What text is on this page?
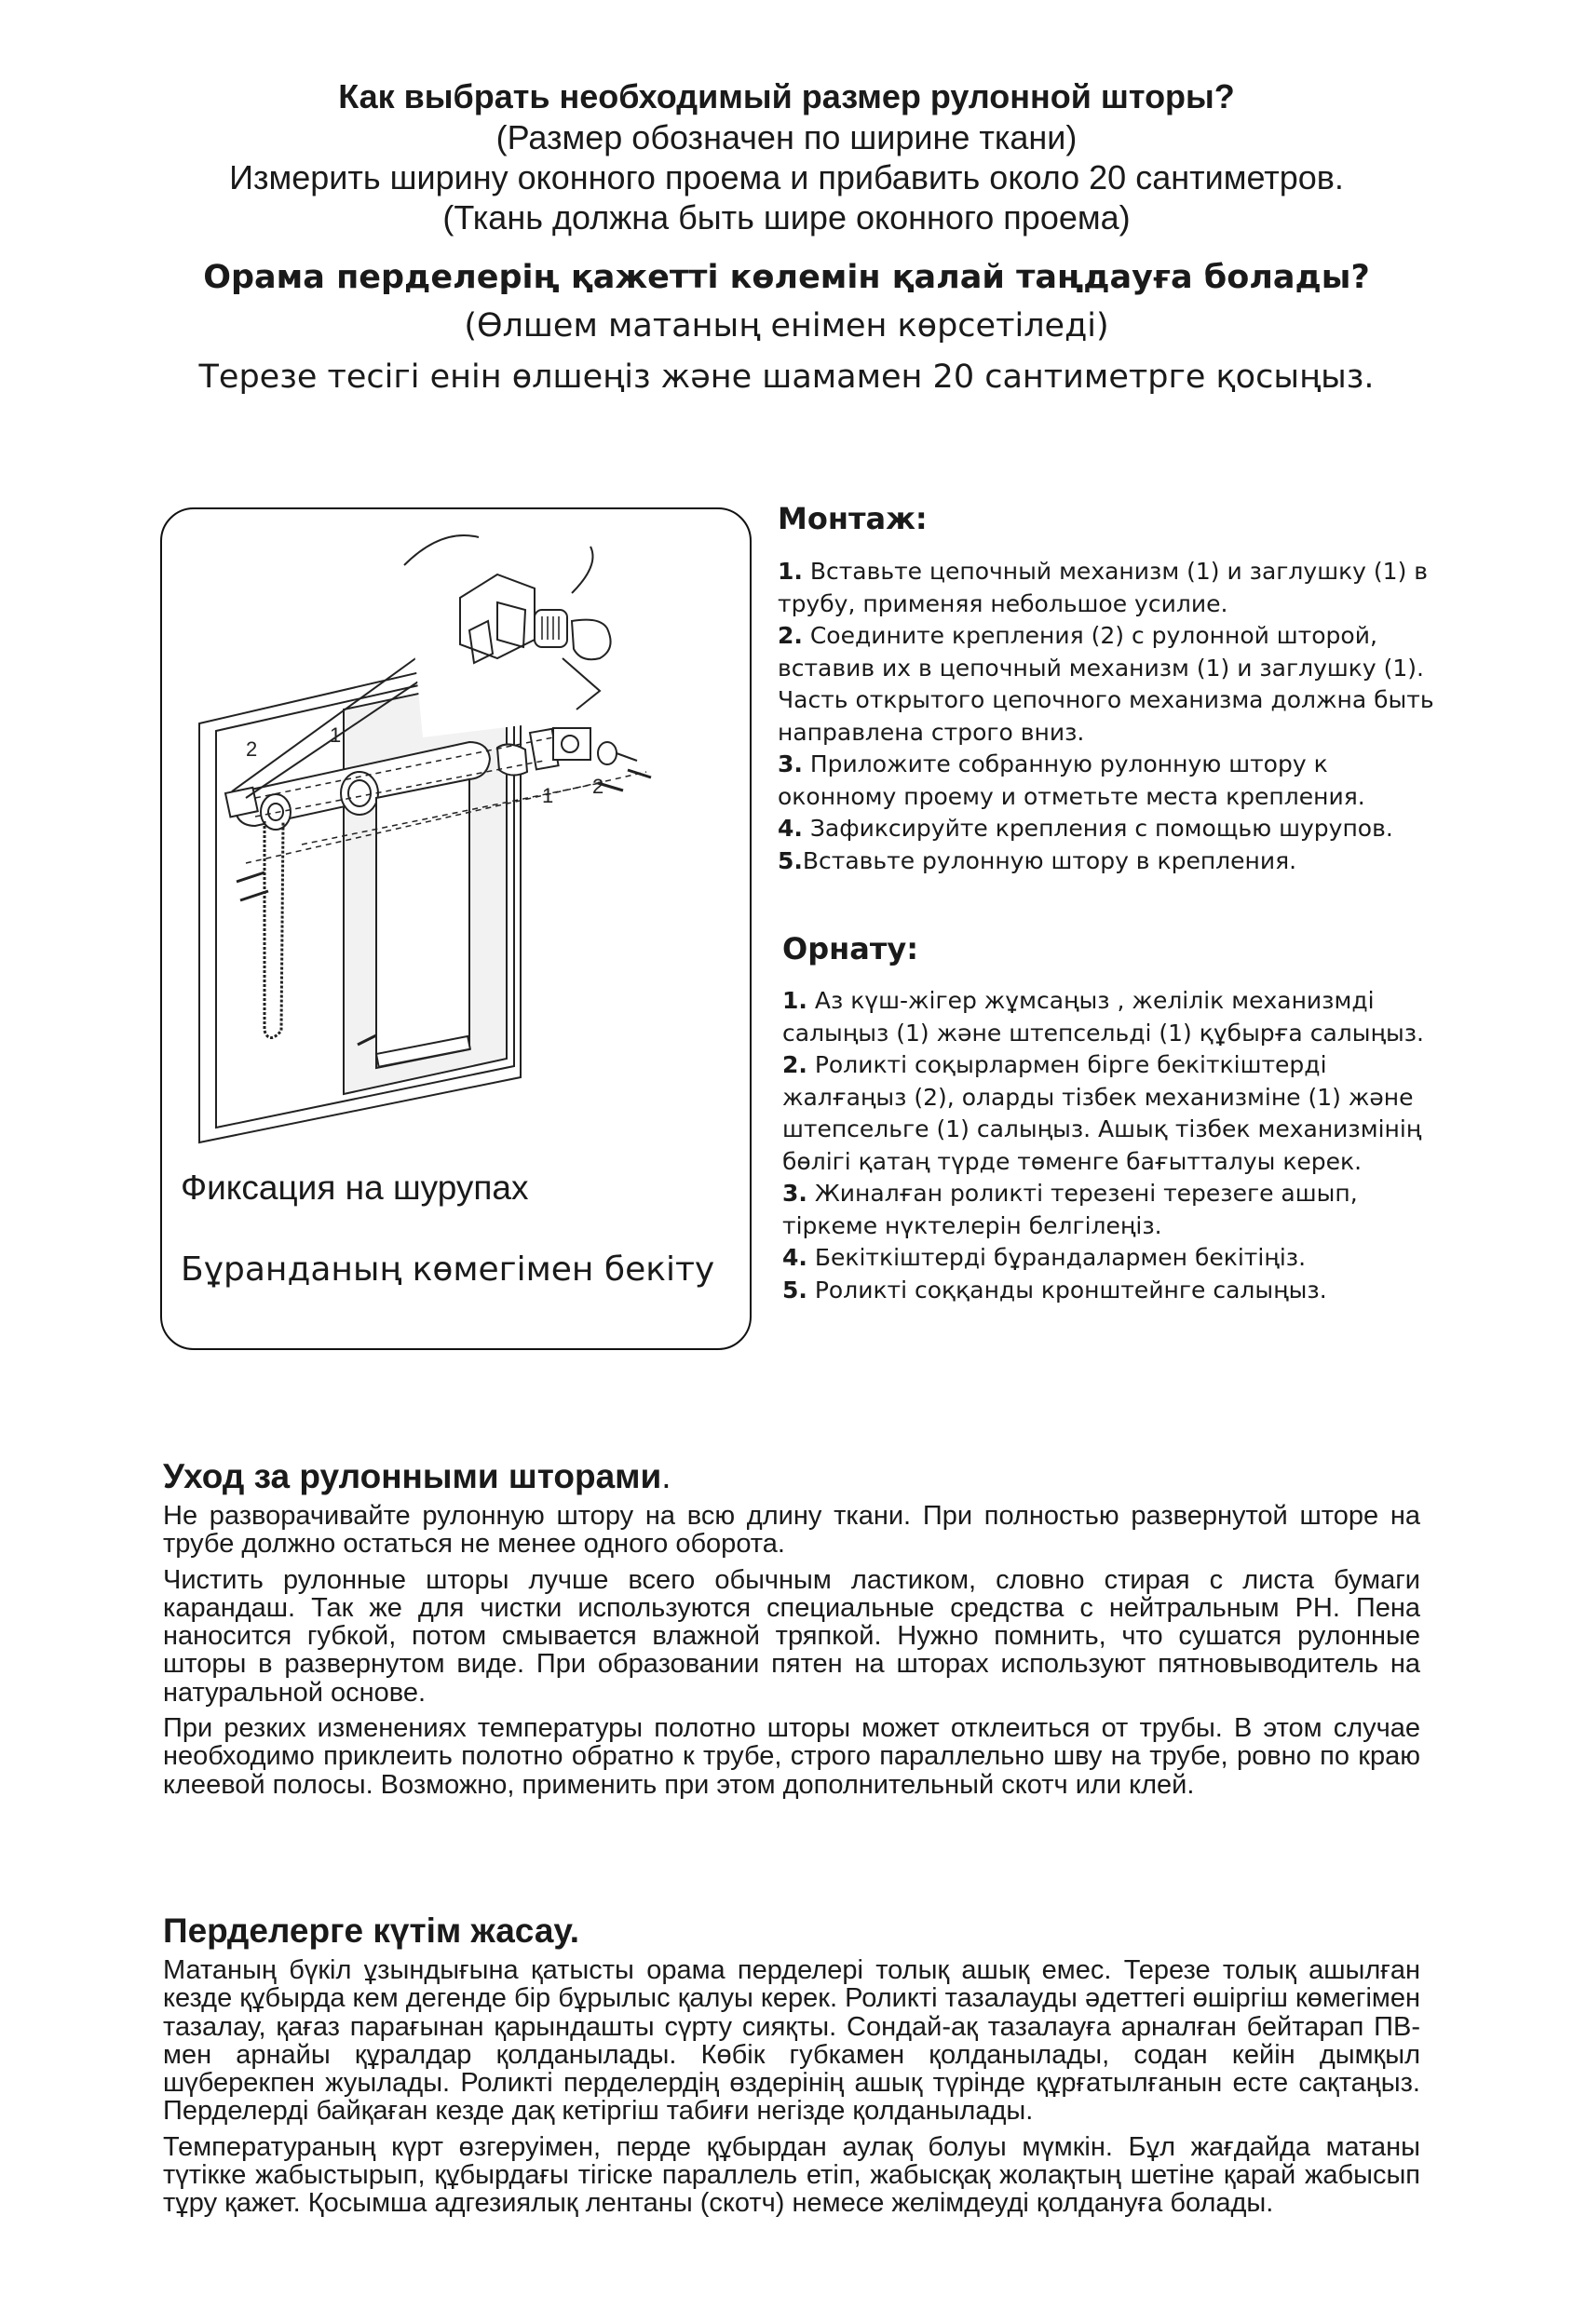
Как выбрать необходимый размер рулонной шторы?
(Размер обозначен по ширине ткани)
Измерить ширину оконного проема и прибавить около 20 сантиметров.
(Ткань должна быть шире оконного проема)
Орама перделерің қажетті көлемін қалай таңдауға болады?
(Өлшем матаның енімен көрсетіледі)
Терезе тесігі енін өлшеңіз және шамамен 20 сантиметрге қосыңыз.
2
1
1 2
Фиксация на шурупах
Бұранданың көмегімен бекіту
Монтаж:
1. Вставьте цепочный механизм (1) и заглушку (1) в трубу, применяя небольшое усилие.
2. Соедините крепления (2) с рулонной шторой, вставив их в цепочный механизм (1) и заглушку (1). Часть открытого цепочного механизма должна быть направлена строго вниз.
3. Приложите собранную рулонную штору к оконному проему и отметьте места крепления.
4. Зафиксируйте крепления с помощью шурупов.
5.Вставьте рулонную штору в крепления.
Орнату:
1. Аз күш-жігер жұмсаңыз , желілік механизмді салыңыз (1) және штепсельді (1) құбырға салыңыз.
2. Роликті соқырлармен бірге бекіткіштерді жалғаңыз (2), оларды тізбек механизміне (1) және штепсельге (1) салыңыз. Ашық тізбек механизмінің бөлігі қатаң түрде төменге бағытталуы керек.
3. Жиналған роликті терезені терезеге ашып, тіркеме нүктелерін белгілеңіз.
4. Бекіткіштерді бұрандалармен бекітіңіз.
5. Роликті соққанды кронштейнге салыңыз.
Уход за рулонными шторами.

Не разворачивайте рулонную штору на всю длину ткани. При полностью развернутой шторе на трубе должно остаться не менее одного оборота.

Чистить рулонные шторы лучше всего обычным ластиком, словно стирая с листа бумаги карандаш. Так же для чистки используются специальные средства с нейтральным PH. Пена наносится губкой, потом смывается влажной тряпкой. Нужно помнить, что сушатся рулонные шторы в развернутом виде. При образовании пятен на шторах используют пятновыводитель на натуральной основе.

При резких изменениях температуры полотно шторы может отклеиться от трубы. В этом случае необходимо приклеить полотно обратно к трубе, строго параллельно шву на трубе, ровно по краю клеевой полосы. Возможно, применить при этом дополнительный скотч или клей.

Перделерге күтім жасау.

Матаның бүкіл ұзындығына қатысты орама перделері толық ашық емес. Терезе толық ашылған кезде құбырда кем дегенде бір бұрылыс қалуы керек. Роликті тазалауды әдеттегі өшіргіш көмегімен тазалау, қағаз парағынан қарындашты сүрту сияқты. Сондай-ақ тазалауға арналған бейтарап ПВ-мен арнайы құралдар қолданылады. Көбік губкамен қолданылады, содан кейін дымқыл шүберекпен жуылады. Роликті перделердің өздерінің ашық түрінде құрғатылғанын есте сақтаңыз. Перделерді байқаған кезде дақ кетіргіш табиғи негізде қолданылады.

Температураның күрт өзгеруімен, перде құбырдан аулақ болуы мүмкін. Бұл жағдайда матаны түтікке жабыстырып, құбырдағы тігіске параллель етіп, жабысқақ жолақтың шетіне қарай жабысып тұру қажет. Қосымша адгезиялық лентаны (скотч) немесе желімдеуді қолдануға болады.
